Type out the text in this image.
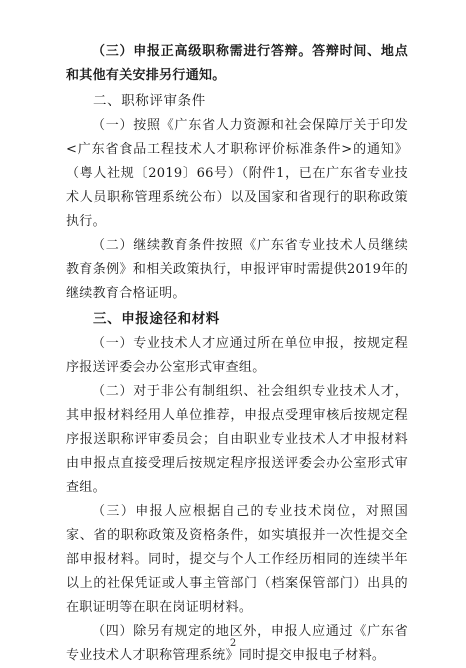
（三）申报正高级职称需进行答辩。答辩时间、地点和其他有关安排另行通知。

二、职称评审条件

（一）按照《广东省人力资源和社会保障厅关于印发<广东省食品工程技术人才职称评价标准条件>的通知》（粤人社规〔2019〕66号）（附件1，已在广东省专业技术人员职称管理系统公布）以及国家和省现行的职称政策执行。

（二）继续教育条件按照《广东省专业技术人员继续教育条例》和相关政策执行，申报评审时需提供2019年的继续教育合格证明。

三、申报途径和材料

（一）专业技术人才应通过所在单位申报，按规定程序报送评委会办公室形式审查组。

（二）对于非公有制组织、社会组织专业技术人才，其申报材料经用人单位推荐，申报点受理审核后按规定程序报送职称评审委员会；自由职业专业技术人才申报材料由申报点直接受理后按规定程序报送评委会办公室形式审查组。

（三）申报人应根据自己的专业技术岗位，对照国家、省的职称政策及资格条件，如实填报并一次性提交全部申报材料。同时，提交与个人工作经历相同的连续半年以上的社保凭证或人事主管部门（档案保管部门）出具的在职证明等在职在岗证明材料。

（四）除另有规定的地区外，申报人应通过《广东省专业技术人才职称管理系统》同时提交申报电子材料。

2
